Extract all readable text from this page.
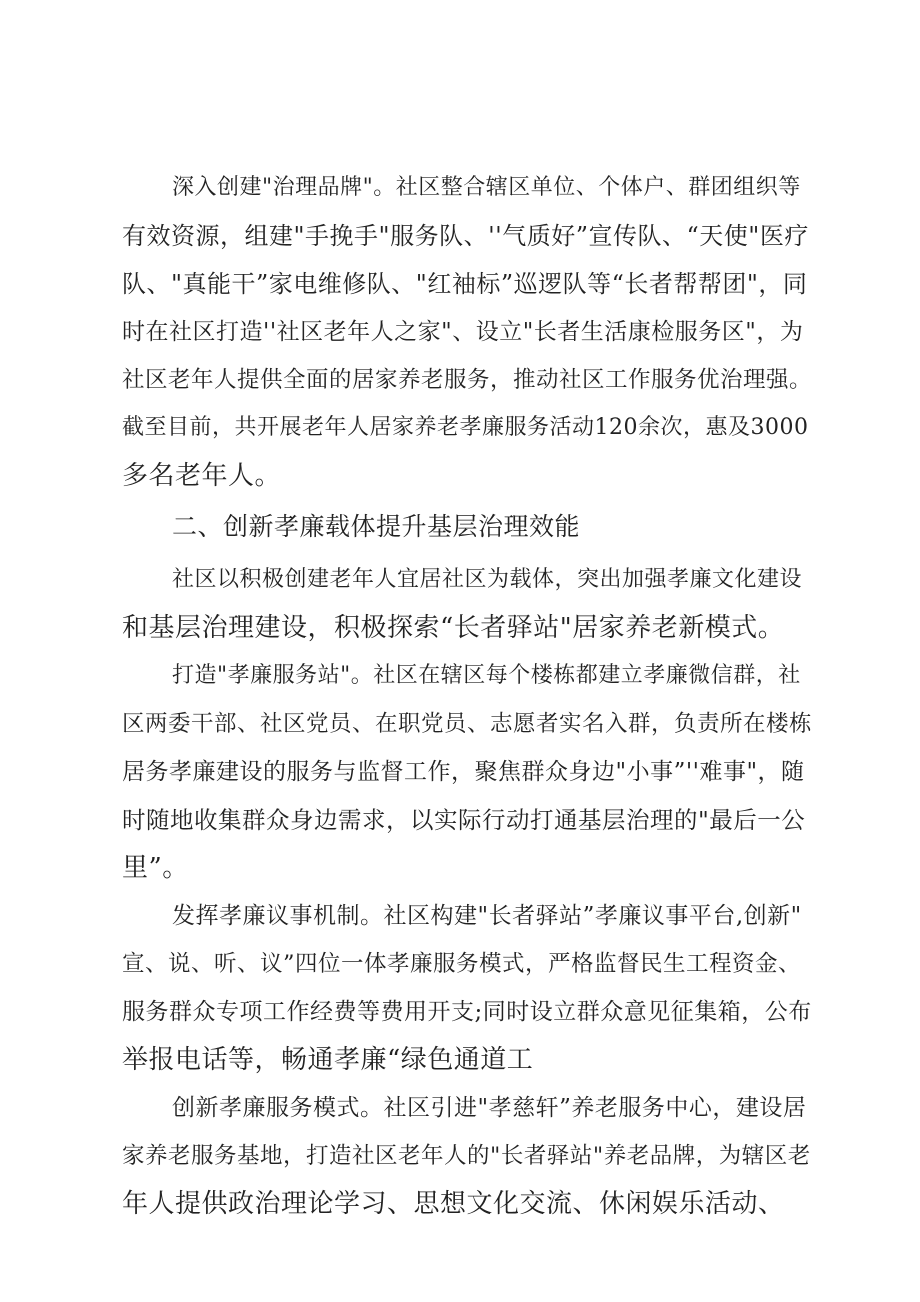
深入创建"治理品牌"。社区整合辖区单位、个体户、群团组织等
有效资源，组建"手挽手"服务队、''气质好”宣传队、“天使"医疗
队、"真能干”家电维修队、"红袖标”巡逻队等“长者帮帮团"，同
时在社区打造''社区老年人之家"、设立"长者生活康检服务区"，为
社区老年人提供全面的居家养老服务，推动社区工作服务优治理强。
截至目前，共开展老年人居家养老孝廉服务活动120余次，惠及3000
多名老年人。
二、创新孝廉载体提升基层治理效能
社区以积极创建老年人宜居社区为载体，突出加强孝廉文化建设
和基层治理建设，积极探索“长者驿站"居家养老新模式。
打造"孝廉服务站"。社区在辖区每个楼栋都建立孝廉微信群，社
区两委干部、社区党员、在职党员、志愿者实名入群，负责所在楼栋
居务孝廉建设的服务与监督工作，聚焦群众身边"小事”''难事"，随
时随地收集群众身边需求，以实际行动打通基层治理的"最后一公
里”。
发挥孝廉议事机制。社区构建"长者驿站”孝廉议事平台,创新"
宣、说、听、议”四位一体孝廉服务模式，严格监督民生工程资金、
服务群众专项工作经费等费用开支;同时设立群众意见征集箱，公布
举报电话等，畅通孝廉“绿色通道工
创新孝廉服务模式。社区引进"孝慈轩”养老服务中心，建设居
家养老服务基地，打造社区老年人的"长者驿站"养老品牌，为辖区老
年人提供政治理论学习、思想文化交流、休闲娱乐活动、
